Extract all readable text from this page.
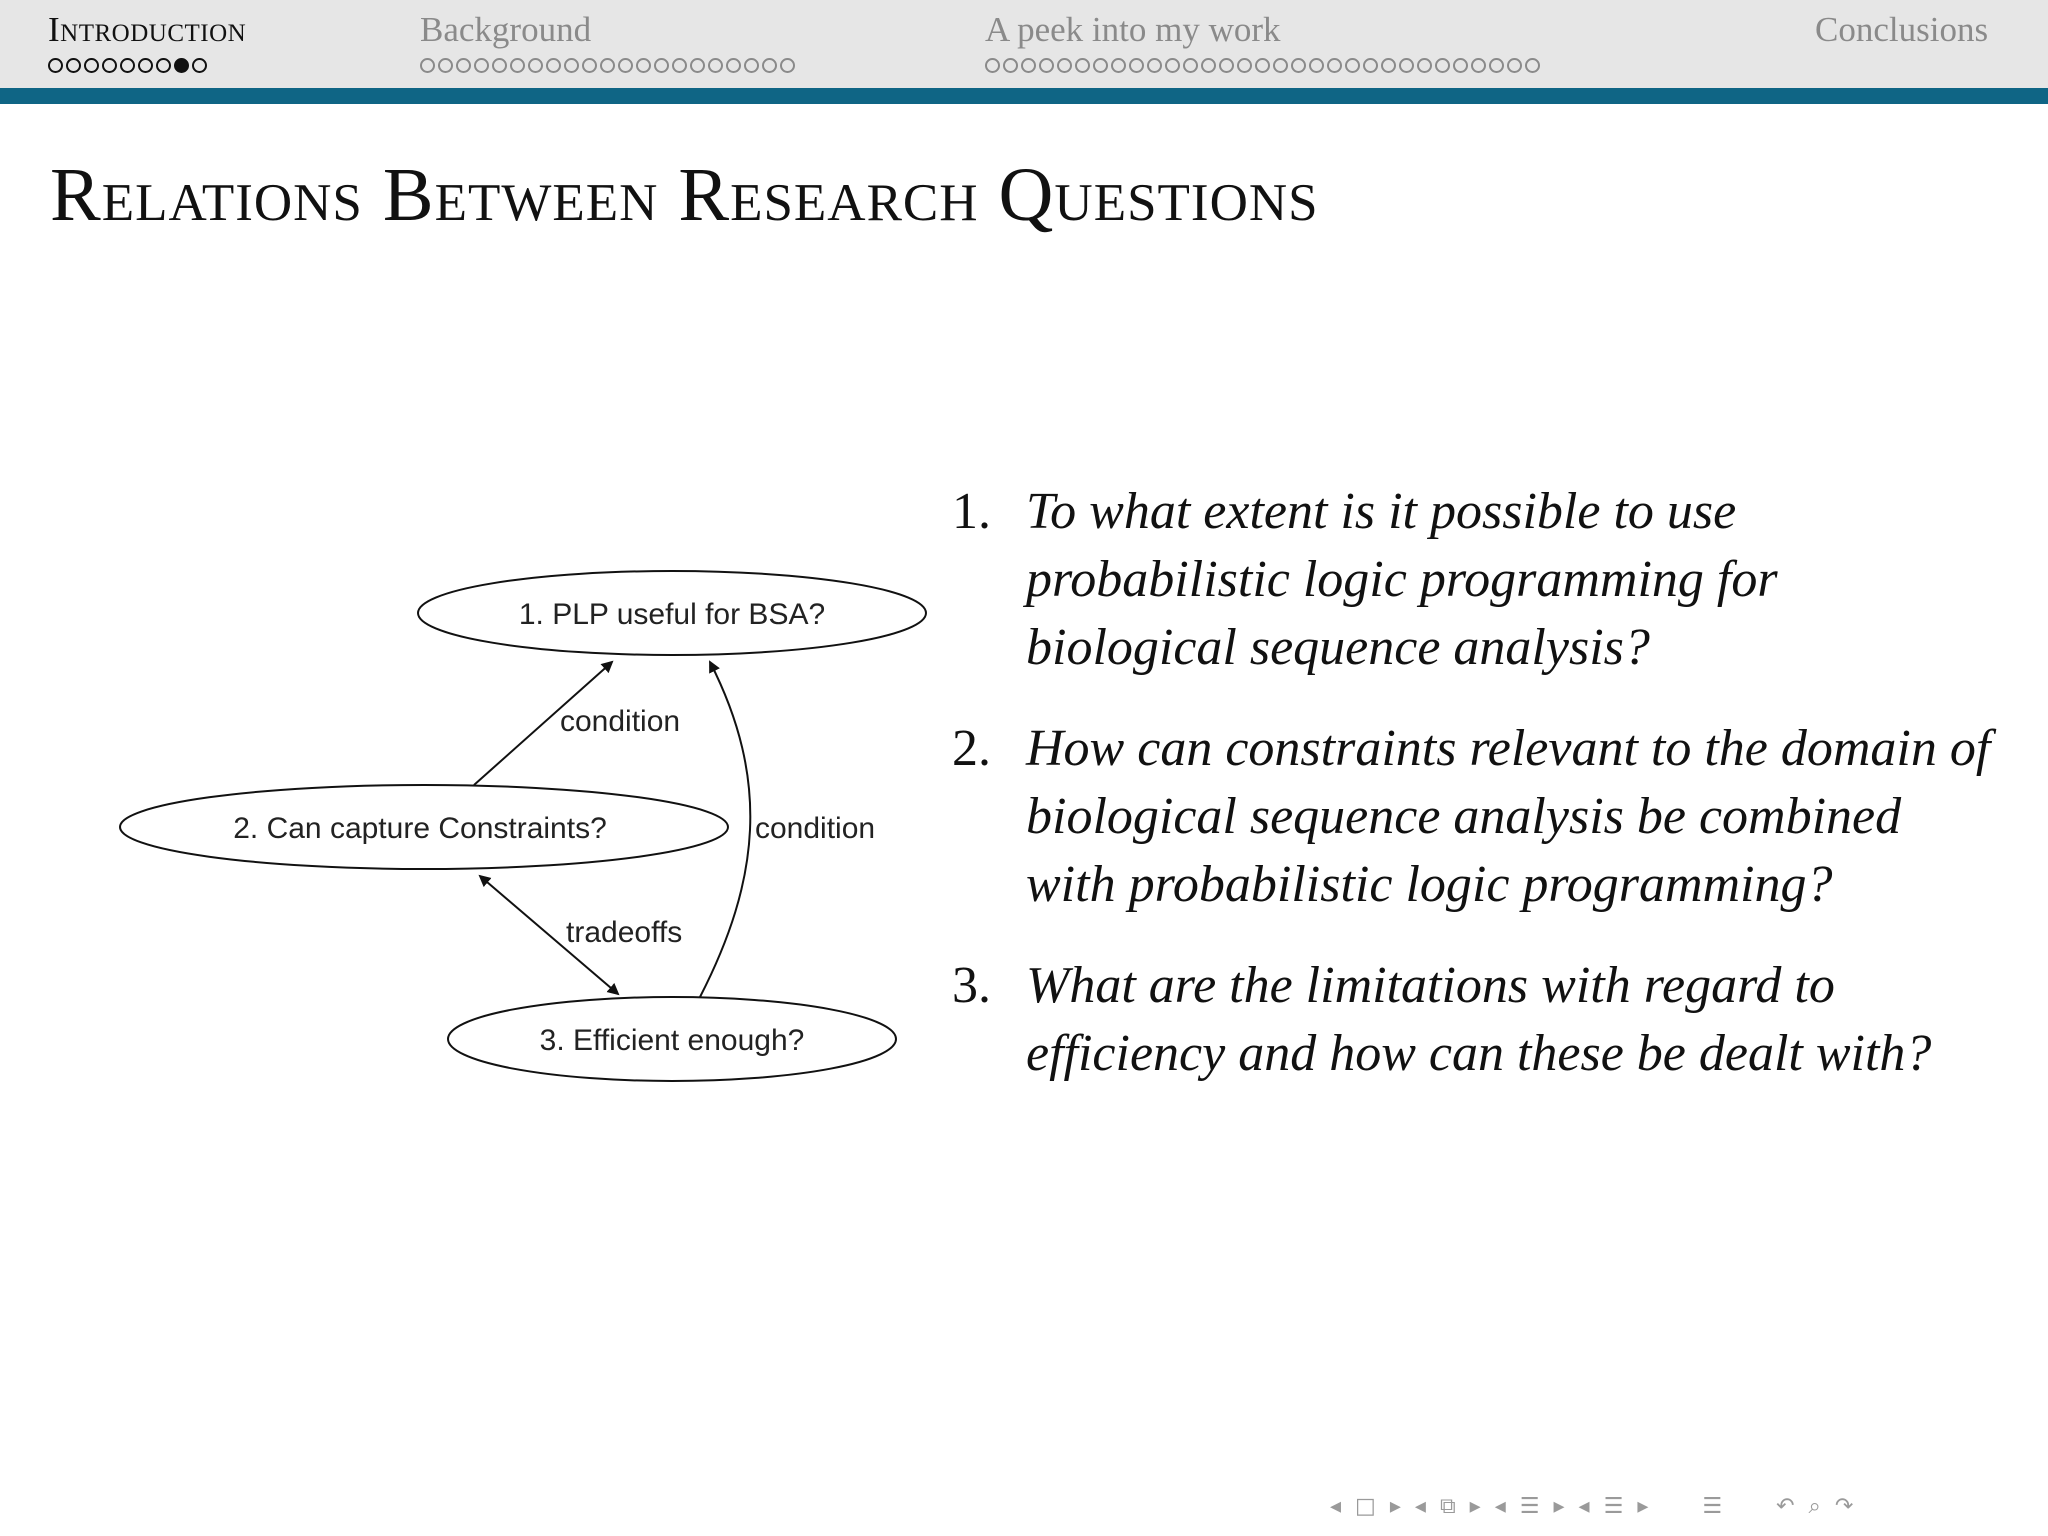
Introduction	Background	A peek into my work	Conclusions
Relations Between Research Questions
1. PLP useful for BSA?
2. Can capture Constraints?
3. Efficient enough?
condition
condition
tradeoffs
1. To what extent is it possible to use probabilistic logic programming for biological sequence analysis?
2. How can constraints relevant to the domain of biological sequence analysis be combined with probabilistic logic programming?
3. What are the limitations with regard to efficiency and how can these be dealt with?
◂ □ ▸ ◂ ⧉ ▸ ◂ ☰ ▸ ◂ ☰ ▸ ☰ ↶ ⌕ ↷
